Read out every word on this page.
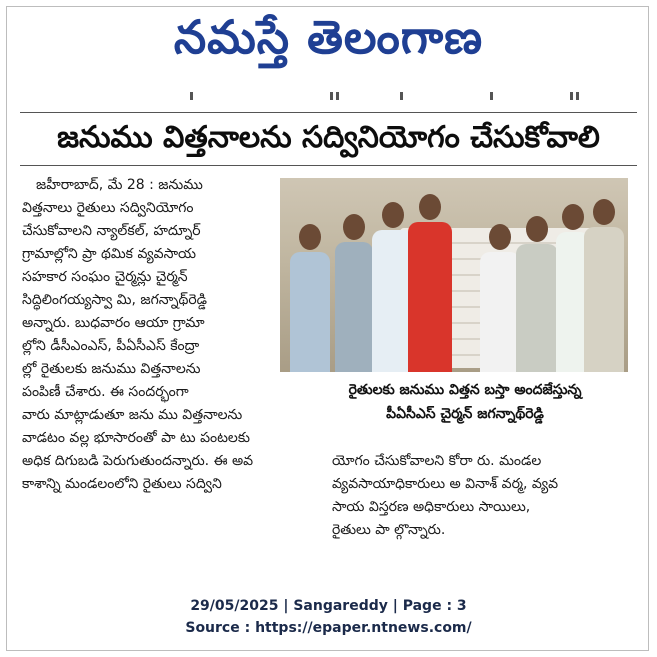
నమస్తే తెలంగాణ
జనుము విత్తనాలను సద్వినియోగం చేసుకోవాలి
జహీరాబాద్, మే 28 : జనుము
విత్తనాలు రైతులు సద్వినియోగం
చేసుకోవాలని న్యాల్‌కల్, హద్నూర్
గ్రామాల్లోని ప్రా థమిక వ్యవసాయ
సహకార సంఘం చైర్మన్లు చైర్మన్
సిద్ధిలింగయ్యస్వా మి, జగన్నాథ్‌రెడ్డి
అన్నారు. బుధవారం ఆయా గ్రామా
ల్లోని డీసీఎంఎస్, పీఏసీఎస్ కేంద్రా
ల్లో రైతులకు జనుము విత్తనాలను
పంపిణీ చేశారు. ఈ సందర్భంగా
వారు మాట్లాడుతూ జను ము విత్తనాలను
వాడటం వల్ల భూసారంతో పా టు పంటలకు
అధిక దిగుబడి పెరుగుతుందన్నారు. ఈ అవ
కాశాన్ని మండలంలోని రైతులు సద్విని
రైతులకు జనుము విత్తన బస్తా అందజేస్తున్న
పీఏసీఎస్ చైర్మన్ జగన్నాథ్‌రెడ్డి
యోగం చేసుకోవాలని కోరా రు. మండల
వ్యవసాయాధికారులు అ వినాశ్ వర్మ, వ్యవ
సాయ విస్తరణ అధికారులు సాయిలు,
రైతులు పా ల్గొన్నారు.
29/05/2025 | Sangareddy | Page : 3
Source : https://epaper.ntnews.com/
